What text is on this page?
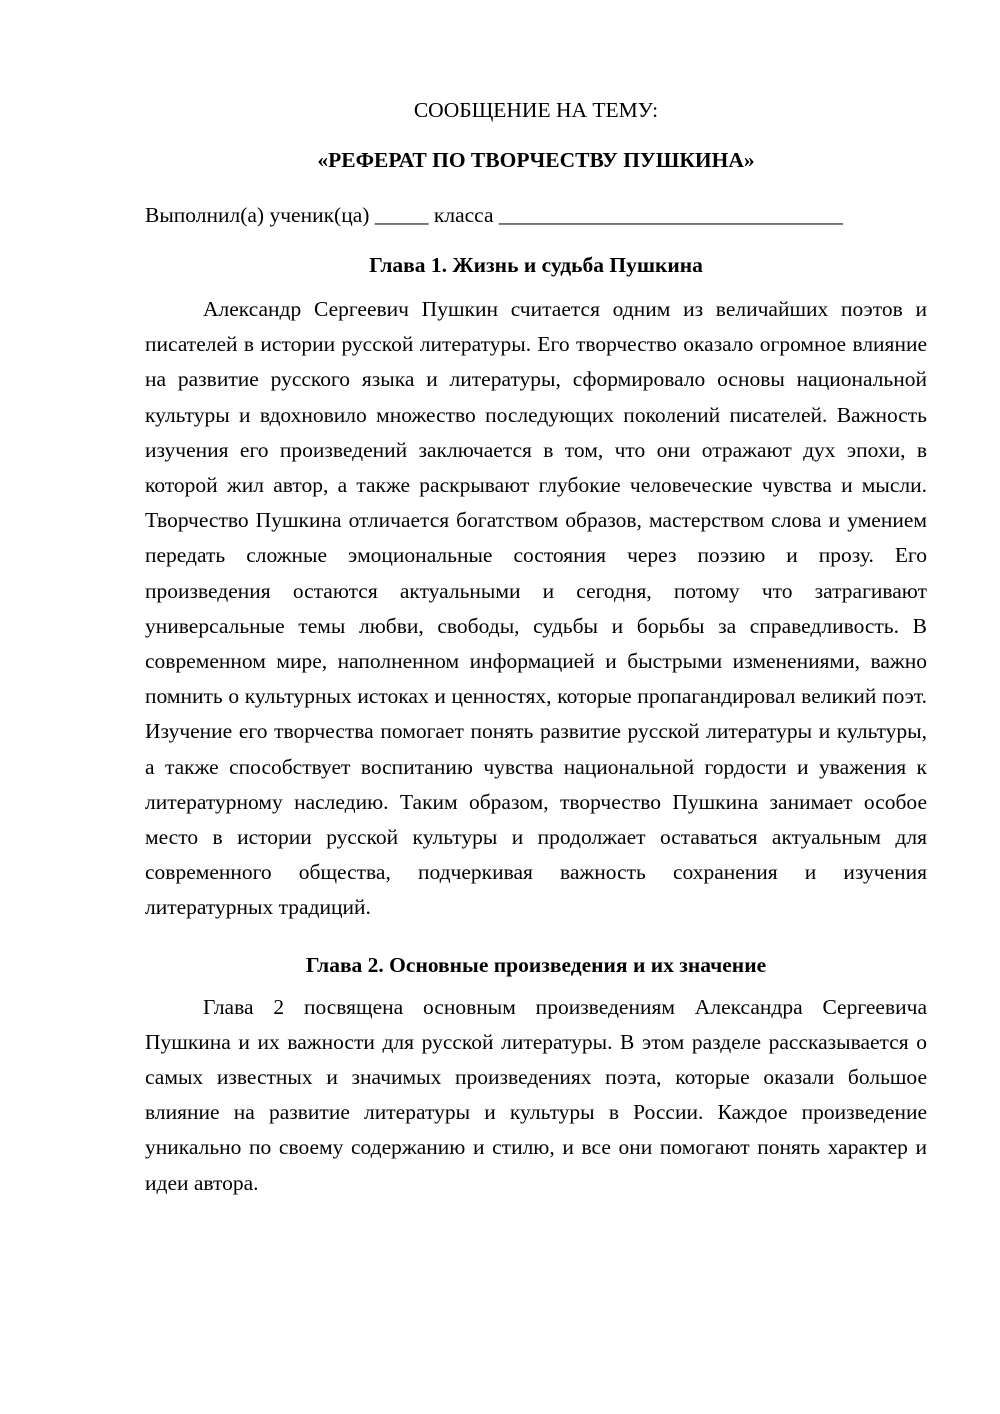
СООБЩЕНИЕ НА ТЕМУ:

«РЕФЕРАТ ПО ТВОРЧЕСТВУ ПУШКИНА»

Выполнил(а) ученик(ца) _____ класса ________________________________

Глава 1. Жизнь и судьба Пушкина

Александр Сергеевич Пушкин считается одним из величайших поэтов и писателей в истории русской литературы. Его творчество оказало огромное влияние на развитие русского языка и литературы, сформировало основы национальной культуры и вдохновило множество последующих поколений писателей. Важность изучения его произведений заключается в том, что они отражают дух эпохи, в которой жил автор, а также раскрывают глубокие человеческие чувства и мысли. Творчество Пушкина отличается богатством образов, мастерством слова и умением передать сложные эмоциональные состояния через поэзию и прозу. Его произведения остаются актуальными и сегодня, потому что затрагивают универсальные темы любви, свободы, судьбы и борьбы за справедливость. В современном мире, наполненном информацией и быстрыми изменениями, важно помнить о культурных истоках и ценностях, которые пропагандировал великий поэт. Изучение его творчества помогает понять развитие русской литературы и культуры, а также способствует воспитанию чувства национальной гордости и уважения к литературному наследию. Таким образом, творчество Пушкина занимает особое место в истории русской культуры и продолжает оставаться актуальным для современного общества, подчеркивая важность сохранения и изучения литературных традиций.

Глава 2. Основные произведения и их значение

Глава 2 посвящена основным произведениям Александра Сергеевича Пушкина и их важности для русской литературы. В этом разделе рассказывается о самых известных и значимых произведениях поэта, которые оказали большое влияние на развитие литературы и культуры в России. Каждое произведение уникально по своему содержанию и стилю, и все они помогают понять характер и идеи автора.
